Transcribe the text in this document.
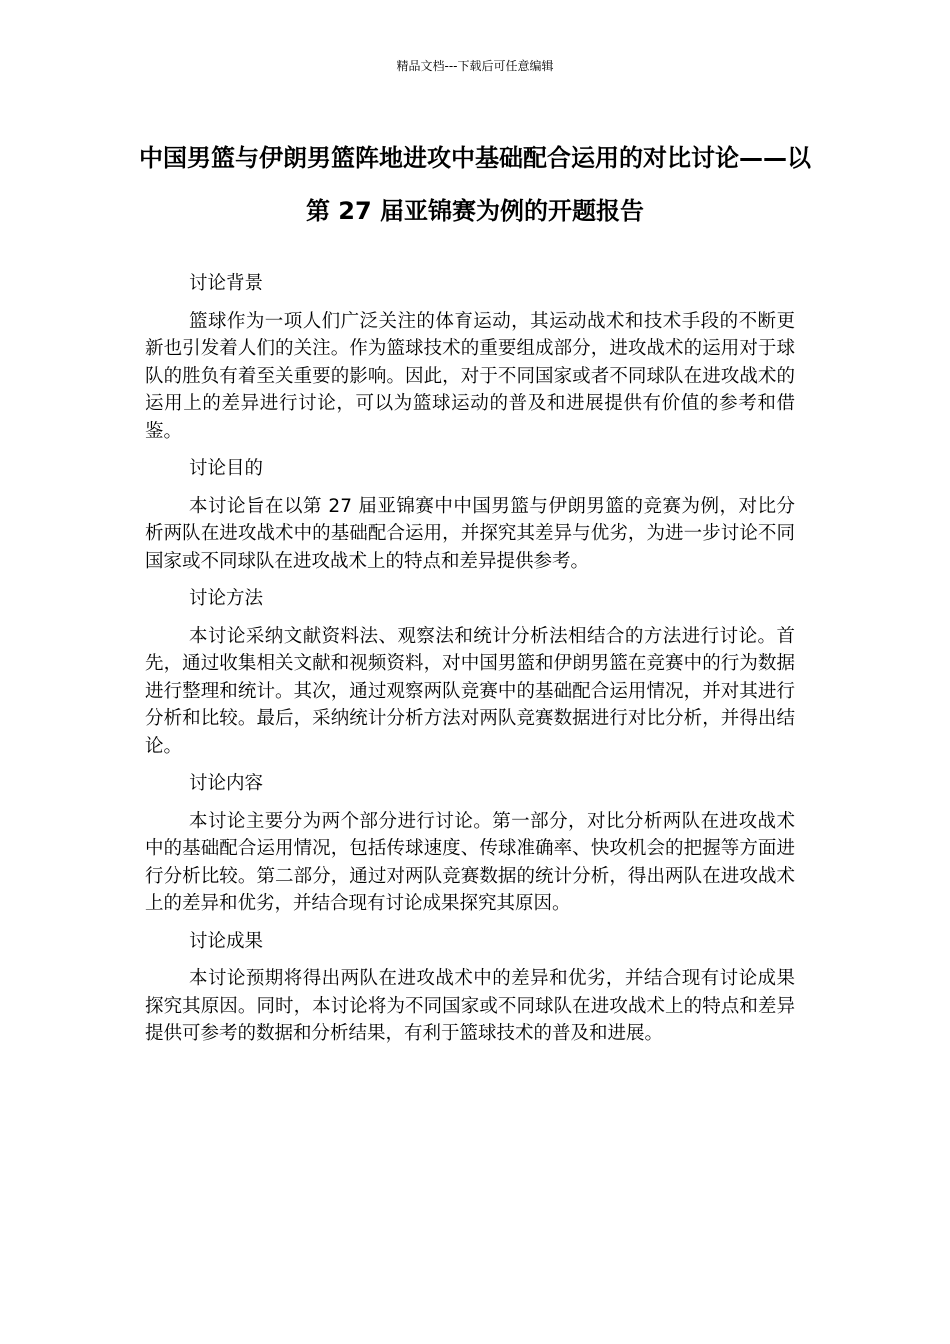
精品文档---下载后可任意编辑
中国男篮与伊朗男篮阵地进攻中基础配合运用的对比讨论——以第 27 届亚锦赛为例的开题报告

讨论背景

篮球作为一项人们广泛关注的体育运动，其运动战术和技术手段的不断更新也引发着人们的关注。作为篮球技术的重要组成部分，进攻战术的运用对于球队的胜负有着至关重要的影响。因此，对于不同国家或者不同球队在进攻战术的运用上的差异进行讨论，可以为篮球运动的普及和进展提供有价值的参考和借鉴。

讨论目的

本讨论旨在以第 27 届亚锦赛中中国男篮与伊朗男篮的竞赛为例，对比分析两队在进攻战术中的基础配合运用，并探究其差异与优劣，为进一步讨论不同国家或不同球队在进攻战术上的特点和差异提供参考。

讨论方法

本讨论采纳文献资料法、观察法和统计分析法相结合的方法进行讨论。首先，通过收集相关文献和视频资料，对中国男篮和伊朗男篮在竞赛中的行为数据进行整理和统计。其次，通过观察两队竞赛中的基础配合运用情况，并对其进行分析和比较。最后，采纳统计分析方法对两队竞赛数据进行对比分析，并得出结论。

讨论内容

本讨论主要分为两个部分进行讨论。第一部分，对比分析两队在进攻战术中的基础配合运用情况，包括传球速度、传球准确率、快攻机会的把握等方面进行分析比较。第二部分，通过对两队竞赛数据的统计分析，得出两队在进攻战术上的差异和优劣，并结合现有讨论成果探究其原因。

讨论成果

本讨论预期将得出两队在进攻战术中的差异和优劣，并结合现有讨论成果探究其原因。同时，本讨论将为不同国家或不同球队在进攻战术上的特点和差异提供可参考的数据和分析结果，有利于篮球技术的普及和进展。
